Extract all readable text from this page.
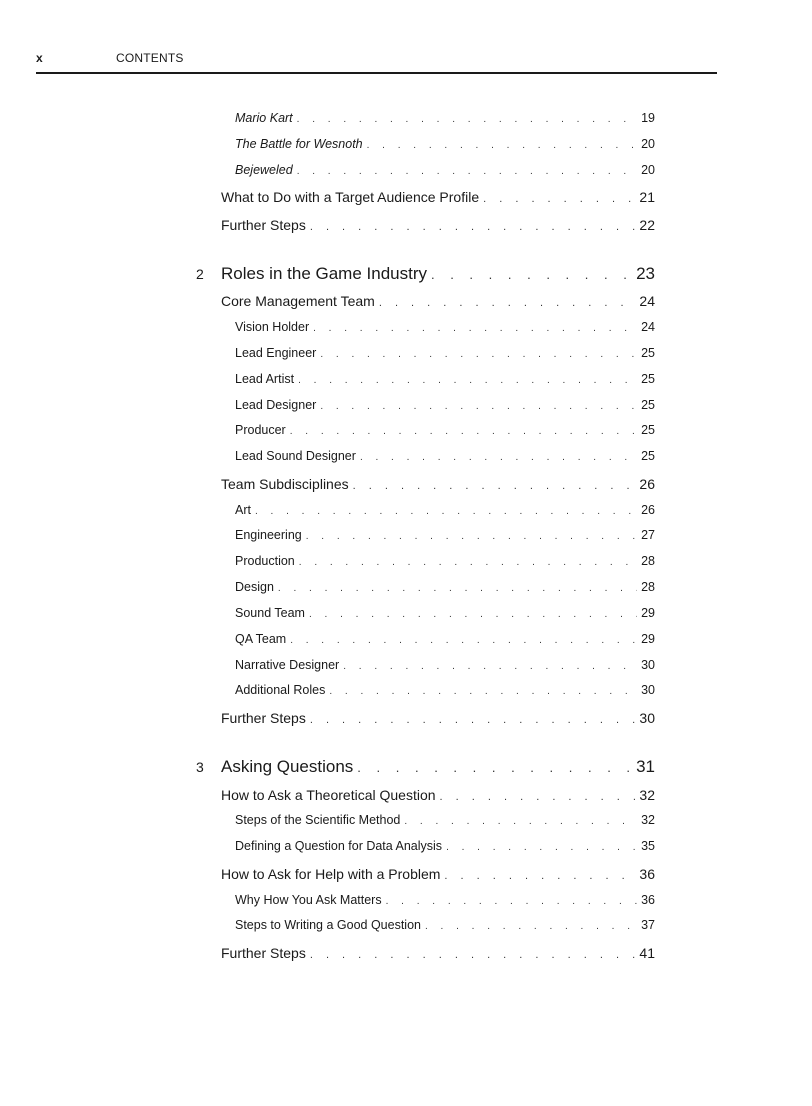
x	CONTENTS
Mario Kart . . .	19
The Battle for Wesnoth . . .	20
Bejeweled . . .	20
What to Do with a Target Audience Profile . . .	21
Further Steps . . .	22
2	Roles in the Game Industry . . .	23
Core Management Team . . .	24
Vision Holder . . .	24
Lead Engineer . . .	25
Lead Artist . . .	25
Lead Designer . . .	25
Producer . . .	25
Lead Sound Designer . . .	25
Team Subdisciplines . . .	26
Art . . .	26
Engineering . . .	27
Production . . .	28
Design . . .	28
Sound Team . . .	29
QA Team . . .	29
Narrative Designer . . .	30
Additional Roles . . .	30
Further Steps . . .	30
3	Asking Questions . . .	31
How to Ask a Theoretical Question . . .	32
Steps of the Scientific Method . . .	32
Defining a Question for Data Analysis . . .	35
How to Ask for Help with a Problem . . .	36
Why How You Ask Matters . . .	36
Steps to Writing a Good Question . . .	37
Further Steps . . .	41
